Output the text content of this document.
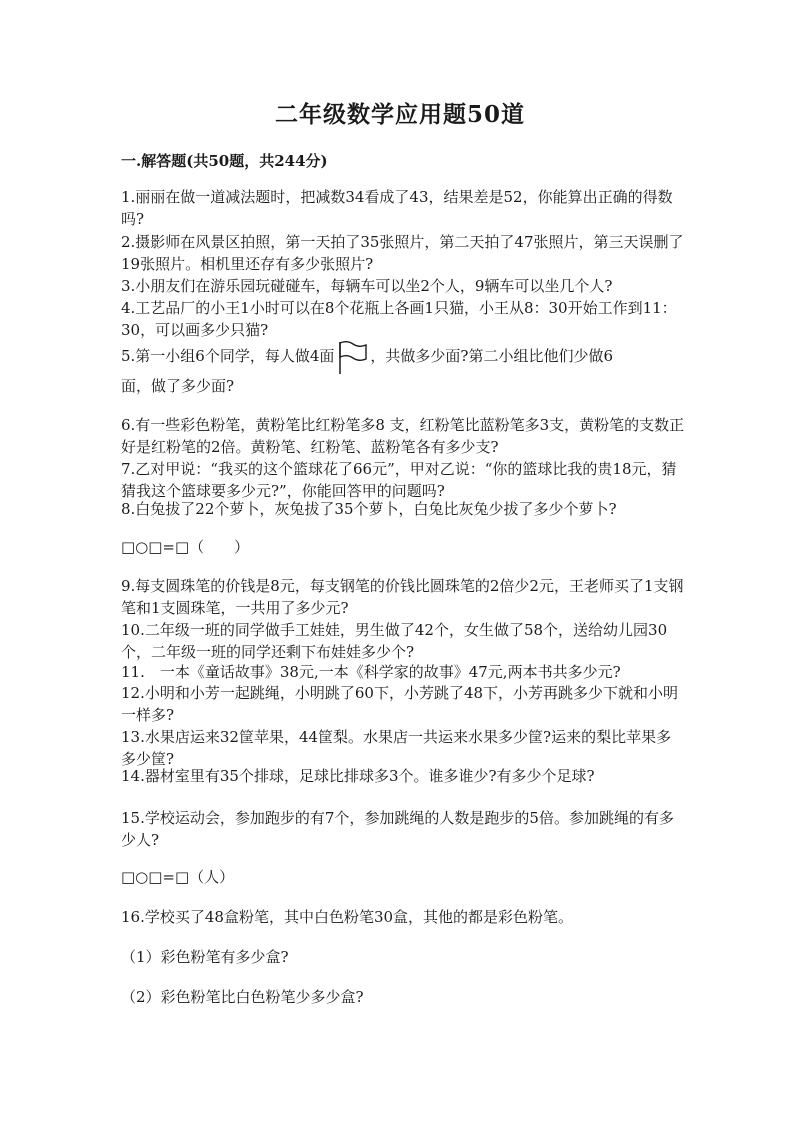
二年级数学应用题50道
一.解答题(共50题，共244分)
1.丽丽在做一道减法题时，把减数34看成了43，结果差是52，你能算出正确的得数吗?
2.摄影师在风景区拍照，第一天拍了35张照片，第二天拍了47张照片，第三天误删了19张照片。相机里还存有多少张照片?
3.小朋友们在游乐园玩碰碰车，每辆车可以坐2个人，9辆车可以坐几个人?
4.工艺品厂的小王1小时可以在8个花瓶上各画1只猫，小王从8：30开始工作到11：30，可以画多少只猫?
5.第一小组6个同学，每人做4面 ，共做多少面?第二小组比他们少做6
面，做了多少面?
6.有一些彩色粉笔，黄粉笔比红粉笔多8 支，红粉笔比蓝粉笔多3支，黄粉笔的支数正好是红粉笔的2倍。黄粉笔、红粉笔、蓝粉笔各有多少支?
7.乙对甲说：“我买的这个篮球花了66元”，甲对乙说：“你的篮球比我的贵18元，猜猜我这个篮球要多少元?”，你能回答甲的问题吗?
8.白兔拔了22个萝卜，灰兔拔了35个萝卜，白兔比灰兔少拔了多少个萝卜?
□○□=□（　　）
9.每支圆珠笔的价钱是8元，每支钢笔的价钱比圆珠笔的2倍少2元，王老师买了1支钢笔和1支圆珠笔，一共用了多少元?
10.二年级一班的同学做手工娃娃，男生做了42个，女生做了58个，送给幼儿园30个，二年级一班的同学还剩下布娃娃多少个?
11.　一本《童话故事》38元,一本《科学家的故事》47元,两本书共多少元?
12.小明和小芳一起跳绳，小明跳了60下，小芳跳了48下，小芳再跳多少下就和小明一样多?
13.水果店运来32筐苹果，44筐梨。水果店一共运来水果多少筐?运来的梨比苹果多多少筐?
14.器材室里有35个排球，足球比排球多3个。谁多谁少?有多少个足球?
15.学校运动会，参加跑步的有7个，参加跳绳的人数是跑步的5倍。参加跳绳的有多少人?
□○□=□（人）
16.学校买了48盒粉笔，其中白色粉笔30盒，其他的都是彩色粉笔。
（1）彩色粉笔有多少盒?
（2）彩色粉笔比白色粉笔少多少盒?
